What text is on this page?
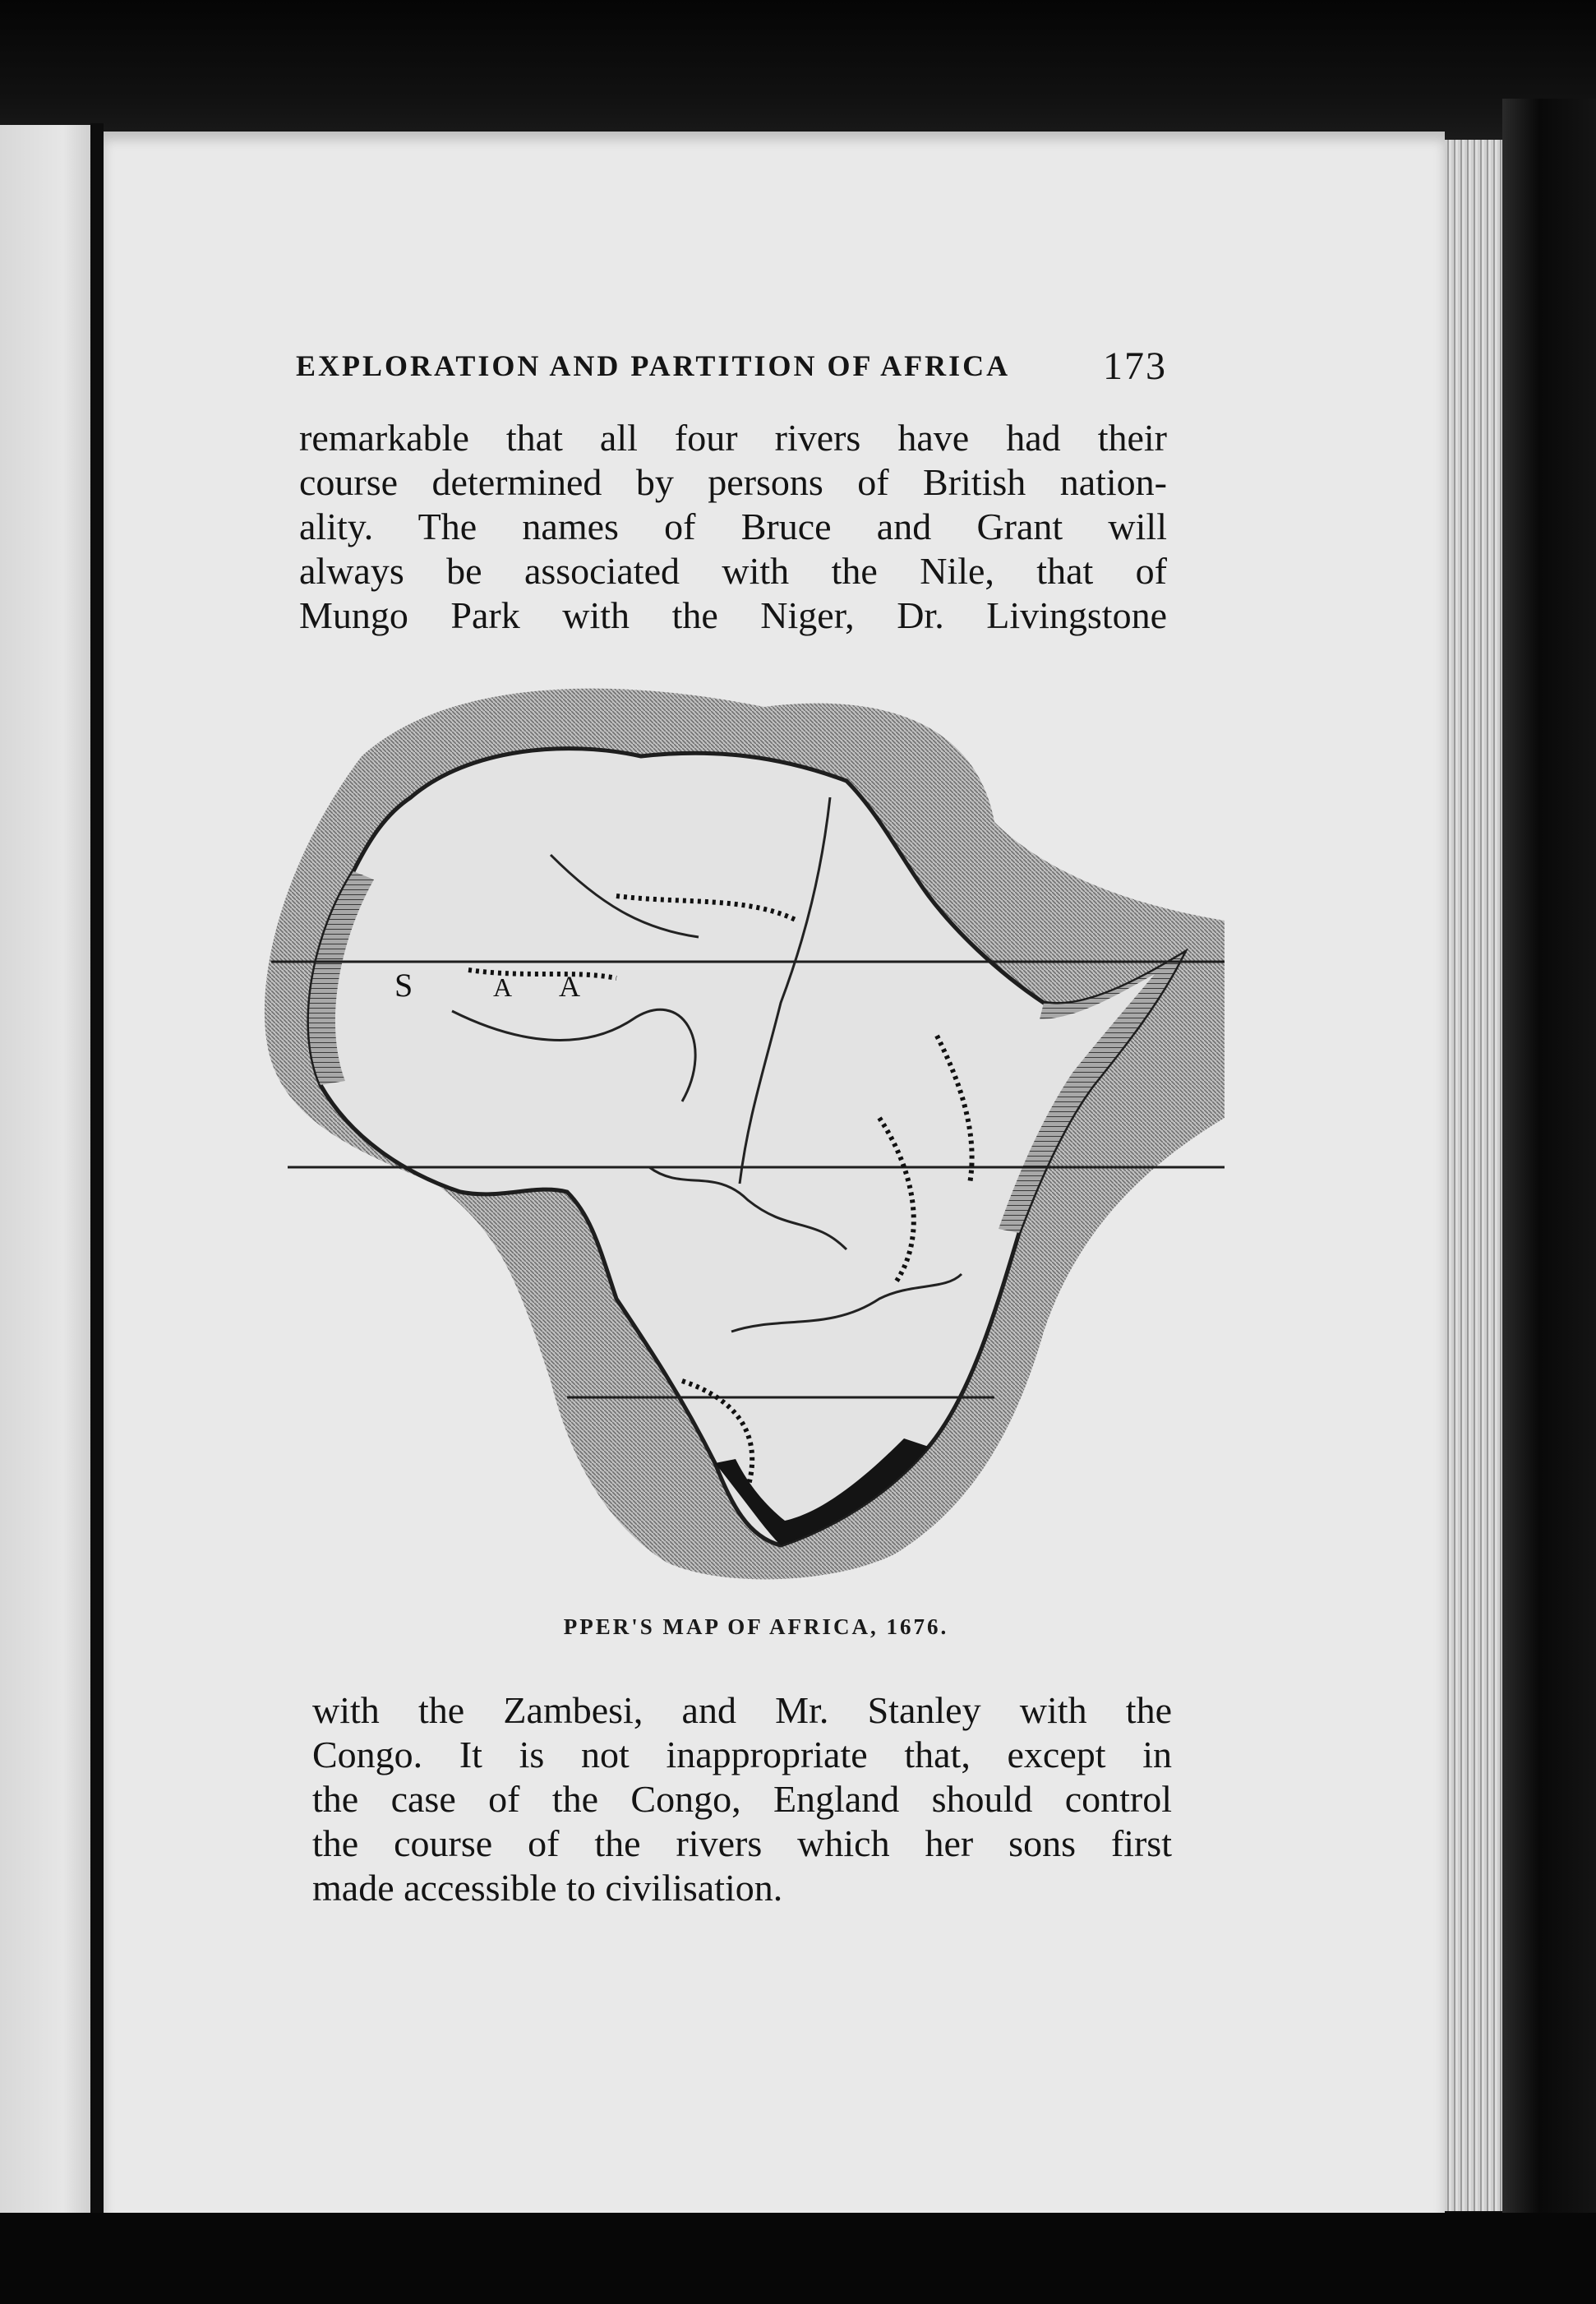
EXPLORATION AND PARTITION OF AFRICA 173

remarkable that all four rivers have had their
course determined by persons of British nation-
ality. The names of Bruce and Grant will
always be associated with the Nile, that of
Mungo Park with the Niger, Dr. Livingstone

S	A A
PPER'S MAP OF AFRICA, 1676.

with the Zambesi, and Mr. Stanley with the
Congo. It is not inappropriate that, except in
the case of the Congo, England should control
the course of the rivers which her sons first
made accessible to civilisation.
